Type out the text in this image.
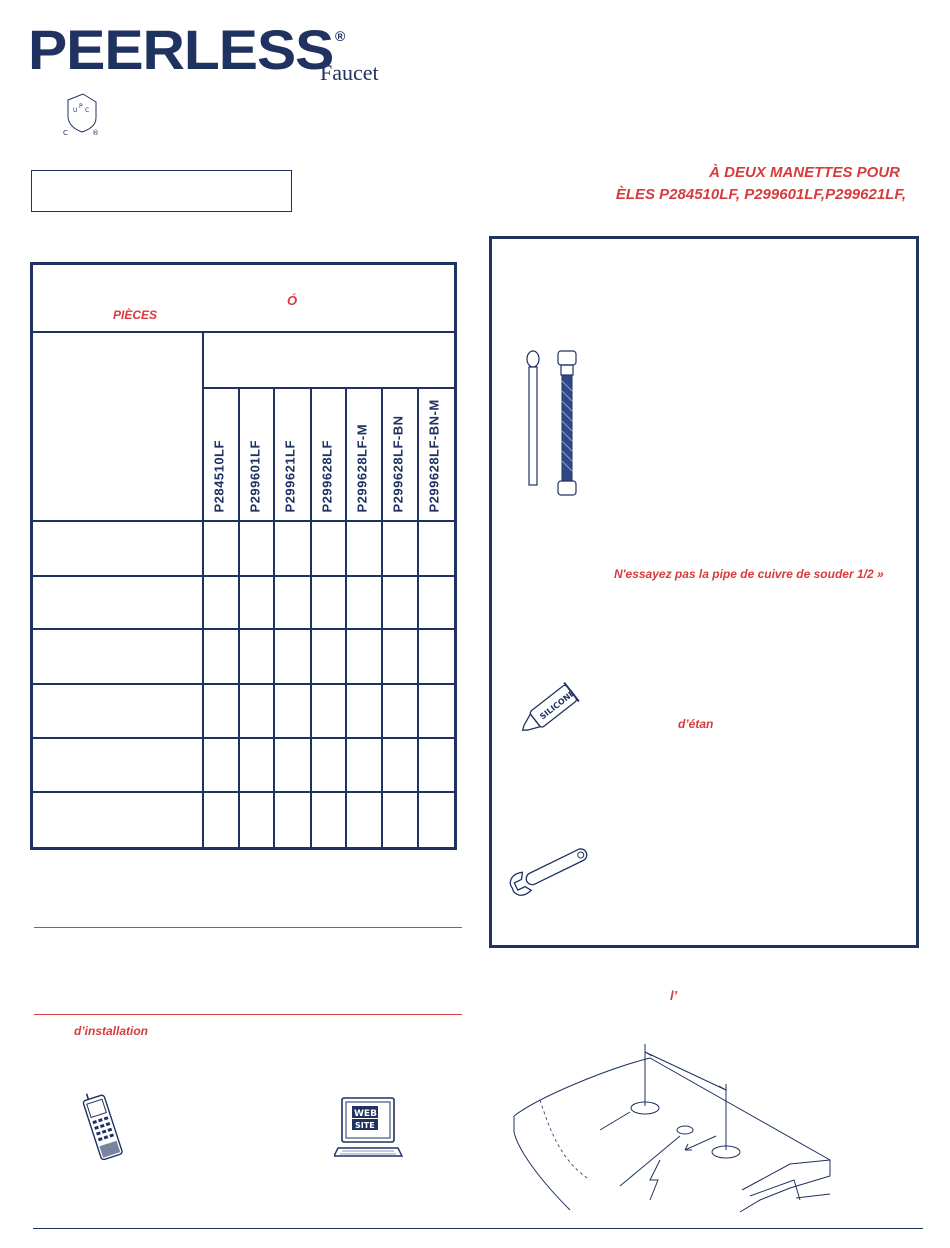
PEERLESS ®
Faucet
U
P
C
C	®
À DEUX MANETTES POUR
ÈLES P284510LF, P299601LF,P299621LF,
Ó
PIÈCES
P284510LF P299601LF P299621LF P299628LF P299628LF-M P299628LF-BN P299628LF-BN-M
N'essayez pas la pipe de cuivre de souder 1/2 »
SILICONE
d’étan
d’installation
l’
WEB
SITE
